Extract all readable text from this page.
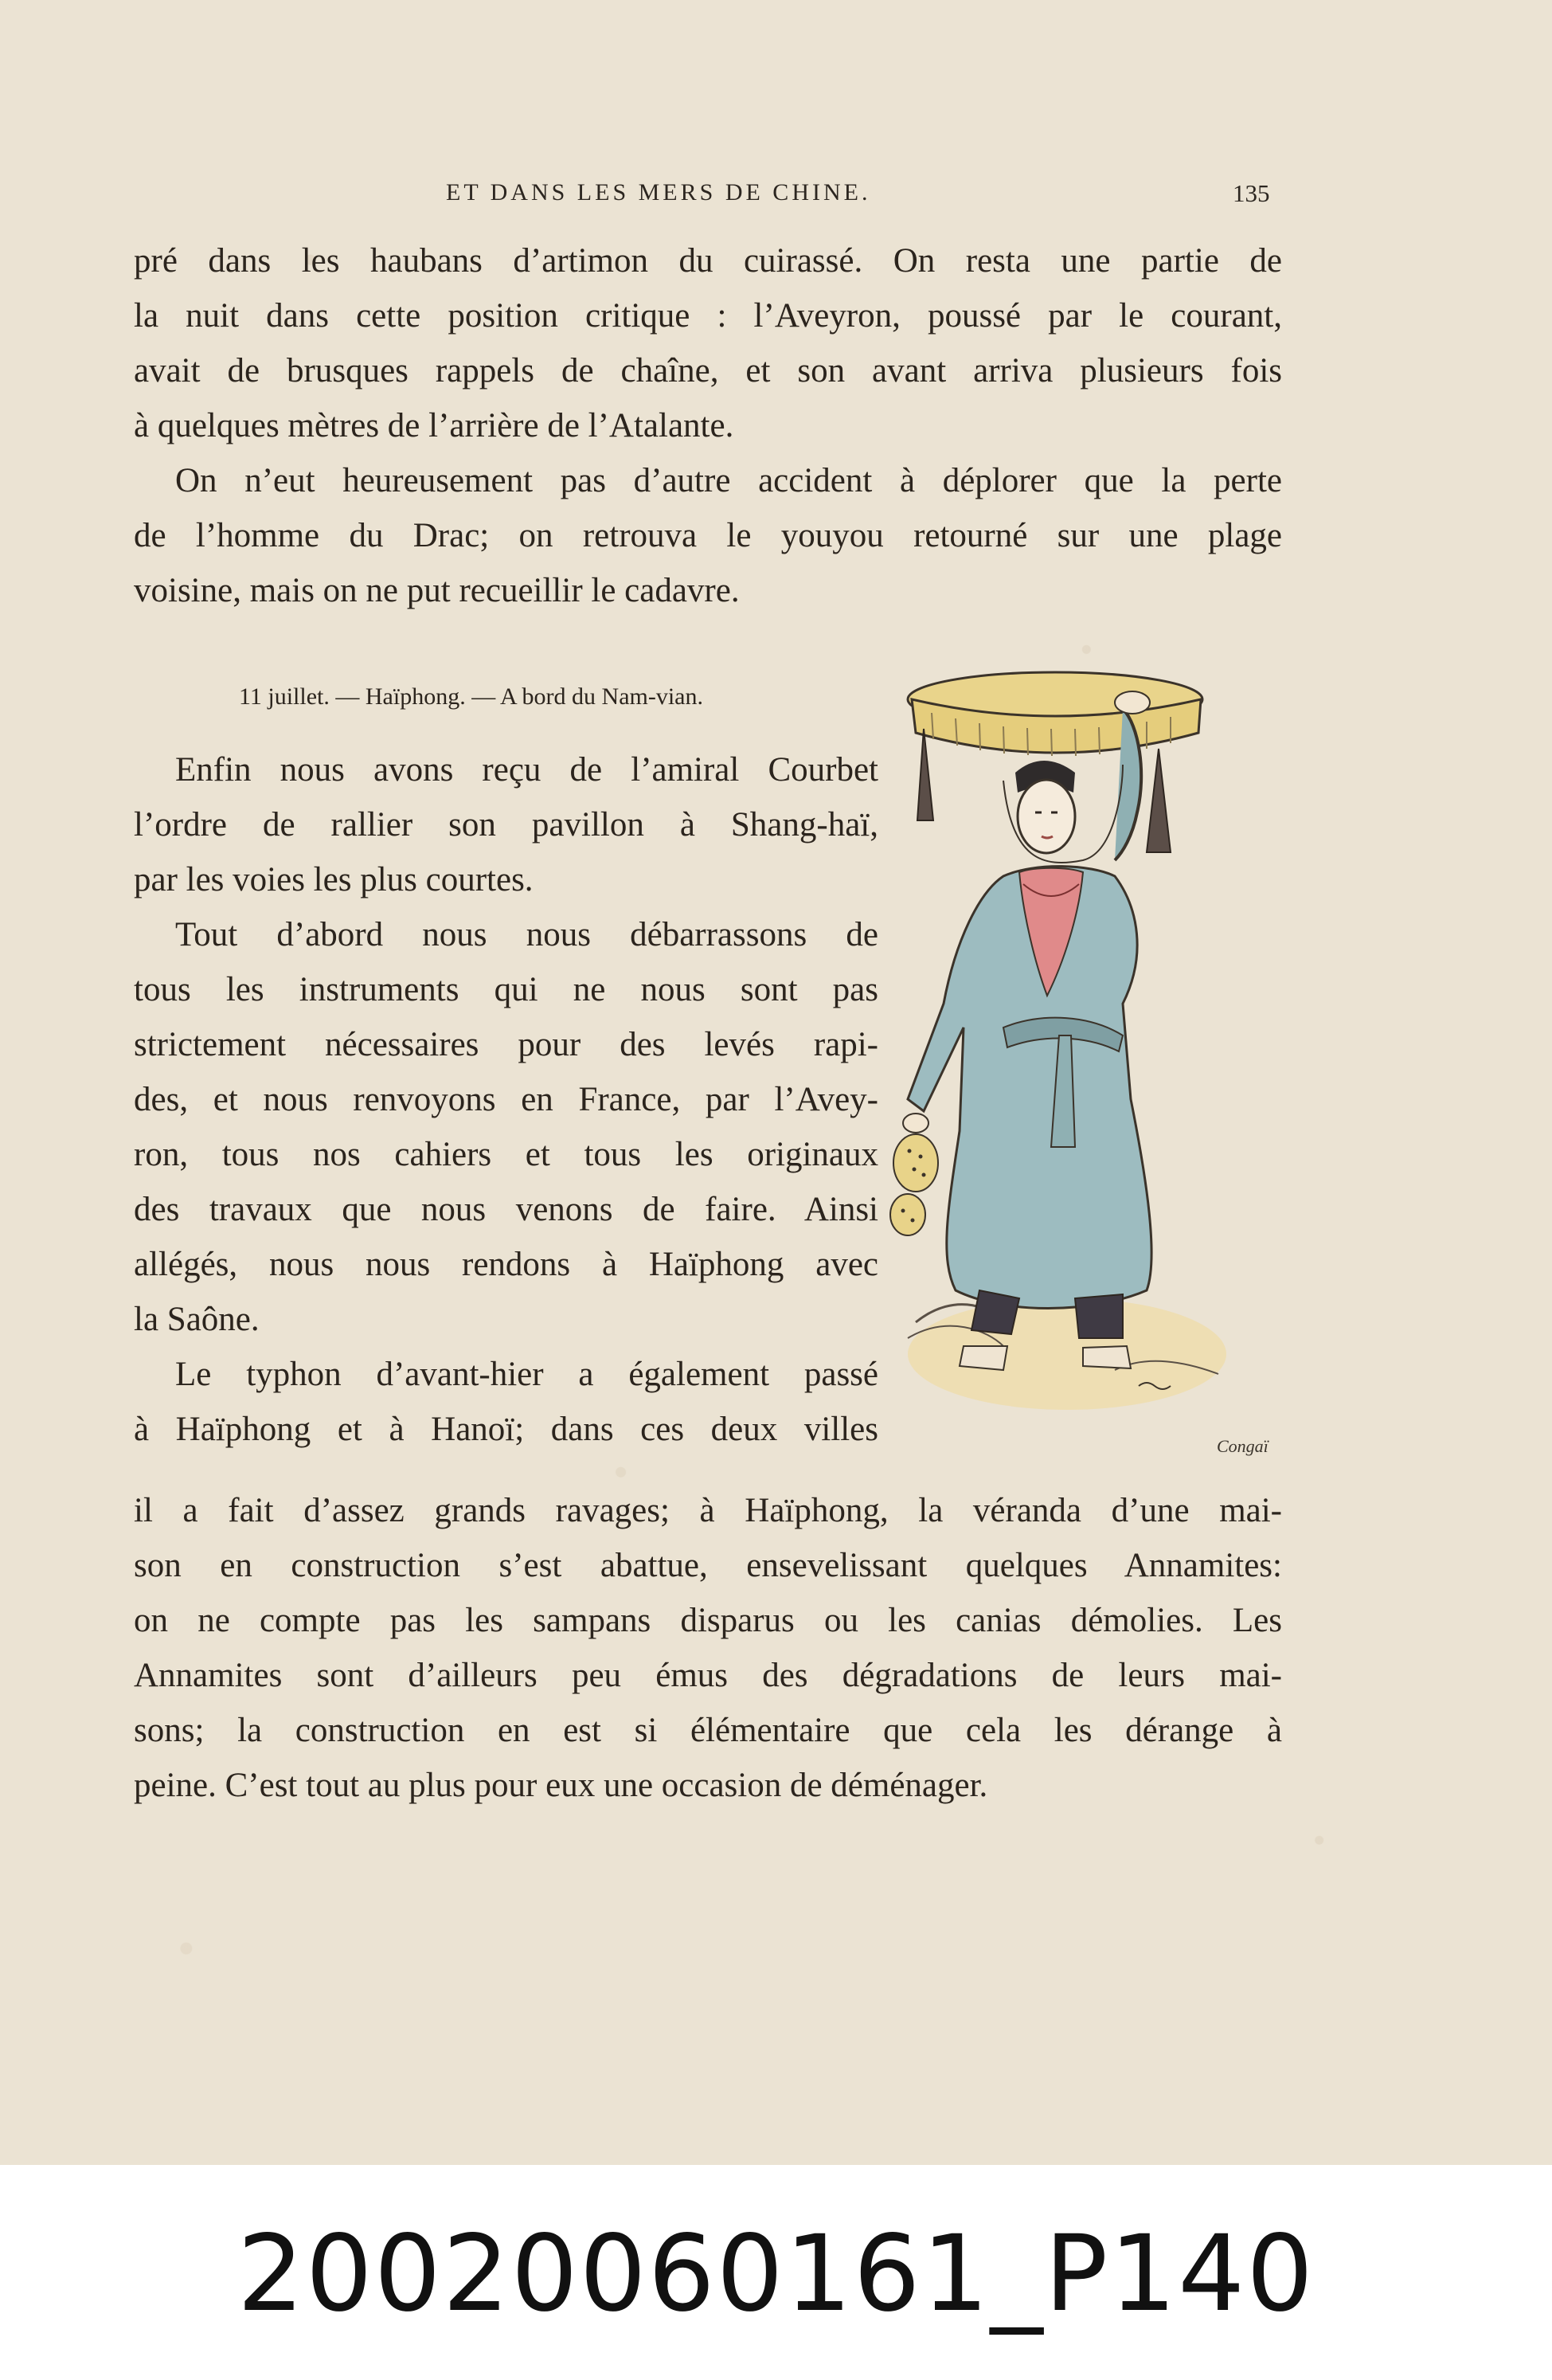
ET DANS LES MERS DE CHINE.	135
pré dans les haubans d’artimon du cuirassé. On resta une partie de
la nuit dans cette position critique : l’Aveyron, poussé par le courant,
avait de brusques rappels de chaîne, et son avant arriva plusieurs fois
à quelques mètres de l’arrière de l’Atalante.
On n’eut heureusement pas d’autre accident à déplorer que la perte
de l’homme du Drac; on retrouva le youyou retourné sur une plage
voisine, mais on ne put recueillir le cadavre.
11 juillet. — Haïphong. — A bord du Nam-vian.
Enfin nous avons reçu de l’amiral Courbet
l’ordre de rallier son pavillon à Shang-haï,
par les voies les plus courtes.
Tout d’abord nous nous débarrassons de
tous les instruments qui ne nous sont pas
strictement nécessaires pour des levés rapi-
des, et nous renvoyons en France, par l’Avey-
ron, tous nos cahiers et tous les originaux
des travaux que nous venons de faire. Ainsi
allégés, nous nous rendons à Haïphong avec
la Saône.
Le typhon d’avant-hier a également passé
à Haïphong et à Hanoï; dans ces deux villes
il a fait d’assez grands ravages; à Haïphong, la véranda d’une mai-
son en construction s’est abattue, ensevelissant quelques Annamites:
on ne compte pas les sampans disparus ou les canias démolies. Les
Annamites sont d’ailleurs peu émus des dégradations de leurs mai-
sons; la construction en est si élémentaire que cela les dérange à
peine. C’est tout au plus pour eux une occasion de déménager.
Congaï
20020060161_P140
